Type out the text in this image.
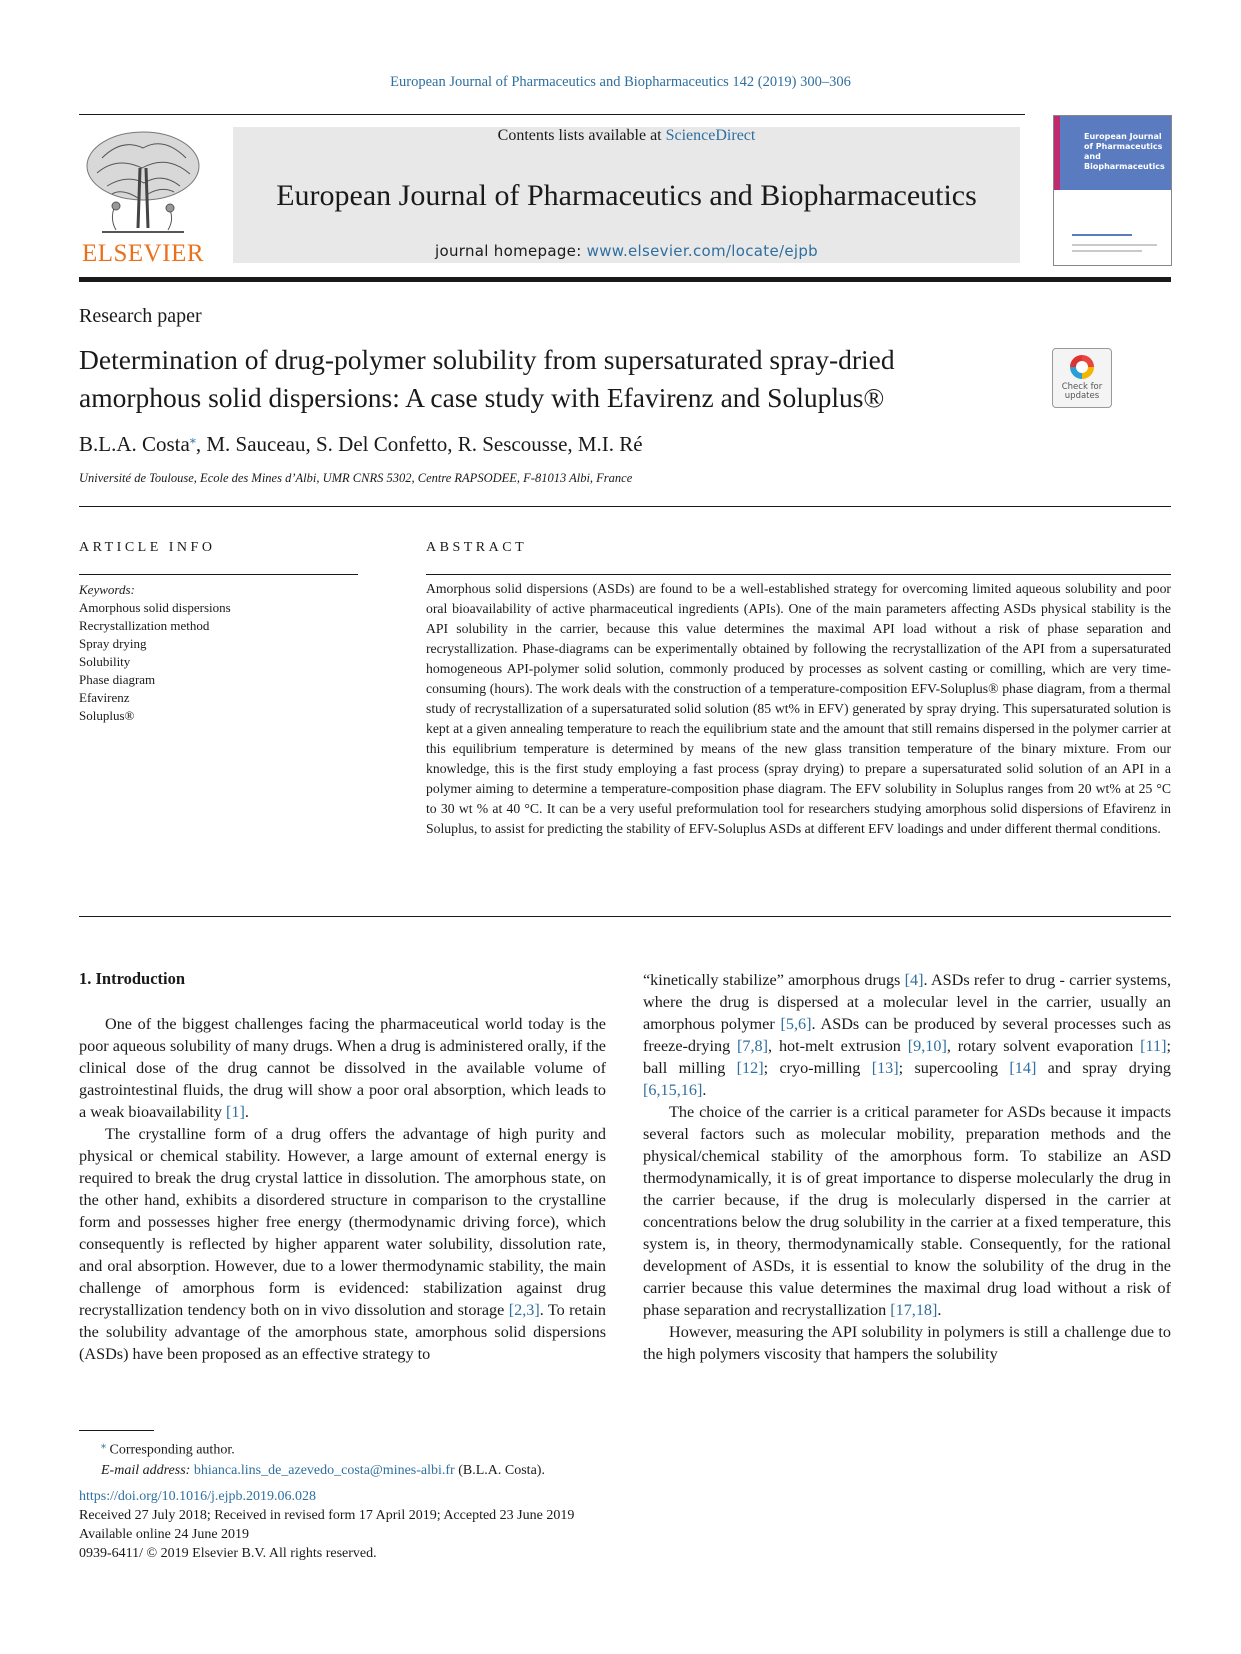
European Journal of Pharmaceutics and Biopharmaceutics 142 (2019) 300–306
ELSEVIER
Contents lists available at ScienceDirect
European Journal of Pharmaceutics and Biopharmaceutics
journal homepage: www.elsevier.com/locate/ejpb
European Journal of Pharmaceutics and Biopharmaceutics
Research paper
Determination of drug-polymer solubility from supersaturated spray-dried
amorphous solid dispersions: A case study with Efavirenz and Soluplus®	Check for
updates
B.L.A. Costa⁎, M. Sauceau, S. Del Confetto, R. Sescousse, M.I. Ré
Université de Toulouse, Ecole des Mines d’Albi, UMR CNRS 5302, Centre RAPSODEE, F-81013 Albi, France
ARTICLE INFO	ABSTRACT
Keywords:
Amorphous solid dispersions
Recrystallization method
Spray drying
Solubility
Phase diagram
Efavirenz
Soluplus®
Amorphous solid dispersions (ASDs) are found to be a well-established strategy for overcoming limited aqueous solubility and poor oral bioavailability of active pharmaceutical ingredients (APIs). One of the main parameters affecting ASDs physical stability is the API solubility in the carrier, because this value determines the maximal API load without a risk of phase separation and recrystallization. Phase-diagrams can be experimentally obtained by following the recrystallization of the API from a supersaturated homogeneous API-polymer solid solution, commonly produced by processes as solvent casting or comilling, which are very time-consuming (hours). The work deals with the construction of a temperature-composition EFV-Soluplus® phase diagram, from a thermal study of recrystallization of a supersaturated solid solution (85 wt% in EFV) generated by spray drying. This supersaturated solution is kept at a given annealing temperature to reach the equilibrium state and the amount that still remains dispersed in the polymer carrier at this equilibrium temperature is determined by means of the new glass transition temperature of the binary mixture. From our knowledge, this is the first study employing a fast process (spray drying) to prepare a supersaturated solid solution of an API in a polymer aiming to determine a temperature-composition phase diagram. The EFV solubility in Soluplus ranges from 20 wt% at 25 °C to 30 wt % at 40 °C. It can be a very useful preformulation tool for researchers studying amorphous solid dispersions of Efavirenz in Soluplus, to assist for predicting the stability of EFV-Soluplus ASDs at different EFV loadings and under different thermal conditions.
1. Introduction

One of the biggest challenges facing the pharmaceutical world today is the poor aqueous solubility of many drugs. When a drug is administered orally, if the clinical dose of the drug cannot be dissolved in the available volume of gastrointestinal fluids, the drug will show a poor oral absorption, which leads to a weak bioavailability [1].

The crystalline form of a drug offers the advantage of high purity and physical or chemical stability. However, a large amount of external energy is required to break the drug crystal lattice in dissolution. The amorphous state, on the other hand, exhibits a disordered structure in comparison to the crystalline form and possesses higher free energy (thermodynamic driving force), which consequently is reflected by higher apparent water solubility, dissolution rate, and oral absorption. However, due to a lower thermodynamic stability, the main challenge of amorphous form is evidenced: stabilization against drug recrystallization tendency both on in vivo dissolution and storage [2,3]. To retain the solubility advantage of the amorphous state, amorphous solid dispersions (ASDs) have been proposed as an effective strategy to

“kinetically stabilize” amorphous drugs [4]. ASDs refer to drug - carrier systems, where the drug is dispersed at a molecular level in the carrier, usually an amorphous polymer [5,6]. ASDs can be produced by several processes such as freeze-drying [7,8], hot-melt extrusion [9,10], rotary solvent evaporation [11]; ball milling [12]; cryo-milling [13]; supercooling [14] and spray drying [6,15,16].

The choice of the carrier is a critical parameter for ASDs because it impacts several factors such as molecular mobility, preparation methods and the physical/chemical stability of the amorphous form. To stabilize an ASD thermodynamically, it is of great importance to disperse molecularly the drug in the carrier because, if the drug is molecularly dispersed in the carrier at concentrations below the drug solubility in the carrier at a fixed temperature, this system is, in theory, thermodynamically stable. Consequently, for the rational development of ASDs, it is essential to know the solubility of the drug in the carrier because this value determines the maximal drug load without a risk of phase separation and recrystallization [17,18].

However, measuring the API solubility in polymers is still a challenge due to the high polymers viscosity that hampers the solubility

⁎ Corresponding author.
E-mail address: bhianca.lins_de_azevedo_costa@mines-albi.fr (B.L.A. Costa).
https://doi.org/10.1016/j.ejpb.2019.06.028
Received 27 July 2018; Received in revised form 17 April 2019; Accepted 23 June 2019
Available online 24 June 2019
0939-6411/ © 2019 Elsevier B.V. All rights reserved.
